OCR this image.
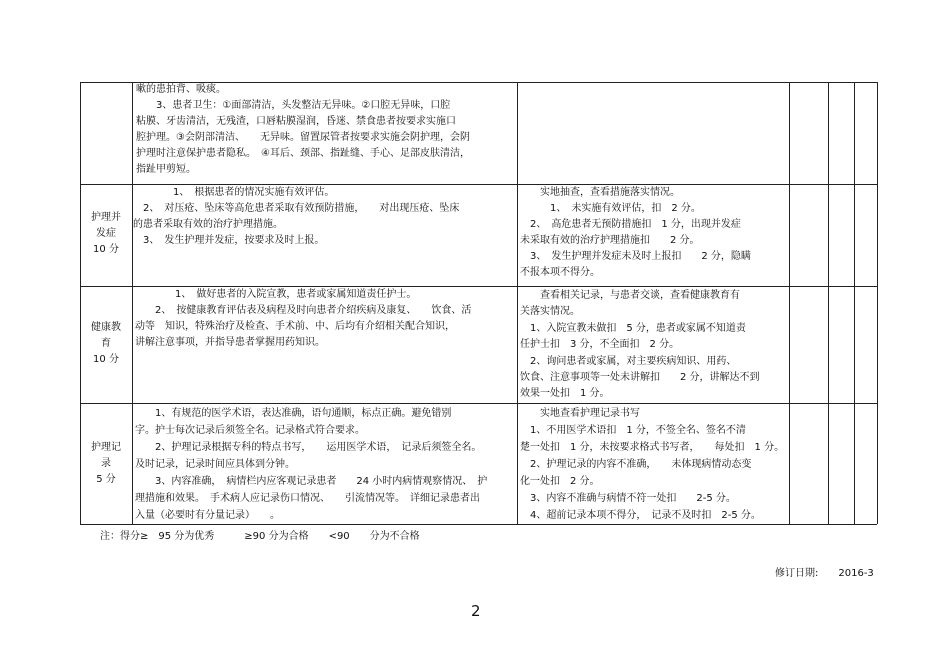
嗽的患拍背、吸痰。
　　3、患者卫生：①面部清洁，头发整洁无异味。②口腔无异味，口腔
粘膜、牙齿清洁，无残渣，口唇粘膜湿润，昏迷、禁食患者按要求实施口
腔护理。③会阴部清洁、　　无异味。留置尿管者按要求实施会阴护理，会阴
护理时注意保护患者隐私。　④耳后、颈部、指趾缝、手心、足部皮肤清洁，
指趾甲剪短。
护理并
发症
10 分
　　　　1、　根据患者的情况实施有效评估。
　2、　对压疮、坠床等高危患者采取有效预防措施，　　对出现压疮、坠床
的患者采取有效的治疗护理措施。
　3、　发生护理并发症，按要求及时上报。
　　实地抽查，查看措施落实情况。
　　　1、　未实施有效评估，扣　2 分。
　2、　高危患者无预防措施扣　1 分，出现并发症
未采取有效的治疗护理措施扣　　2 分。
　3、　发生护理并发症未及时上报扣　　2 分，隐瞒
不报本项不得分。
健康教
育
10 分
　　　　1、　做好患者的入院宣教，患者或家属知道责任护士。
　　2、　按健康教育评估表及病程及时向患者介绍疾病及康复、　　饮食、活
动等　知识，特殊治疗及检查、手术前、中、后均有介绍相关配合知识，
讲解注意事项，并指导患者掌握用药知识。
　　查看相关记录，与患者交谈，查看健康教育有
关落实情况。
　1、入院宣教未做扣　5 分，患者或家属不知道责
任护士扣　3 分，不全面扣　2 分。
　2、询问患者或家属，对主要疾病知识、用药、
饮食、注意事项等一处未讲解扣　　2 分，讲解达不到
效果一处扣　1 分。
护理记
录
5 分
　　1、有规范的医学术语，表达准确，语句通顺，标点正确。避免错别
字。护士每次记录后须签全名。记录格式符合要求。
　　2、护理记录根据专科的特点书写，　　运用医学术语，　记录后须签全名。
及时记录，记录时间应具体到分钟。
　　3、内容准确，　病情栏内应客观记录患者　　24 小时内病情观察情况、　护
理措施和效果。　手术病人应记录伤口情况、　　引流情况等。　详细记录患者出
入量（必要时有分量记录）　　。
　　实地查看护理记录书写
　1、不用医学术语扣　1 分，不签全名、签名不清
楚一处扣　1 分，未按要求格式书写者，　　每处扣　1 分。
　2、护理记录的内容不准确，　　未体现病情动态变
化一处扣　2 分。
　3、内容不准确与病情不符一处扣　　2-5 分。
　4、超前记录本项不得分，　记录不及时扣　2-5 分。
注：得分≥　95 分为优秀　　　≥90 分为合格　　<90　　分为不合格
修订日期:　　2016-3
2
